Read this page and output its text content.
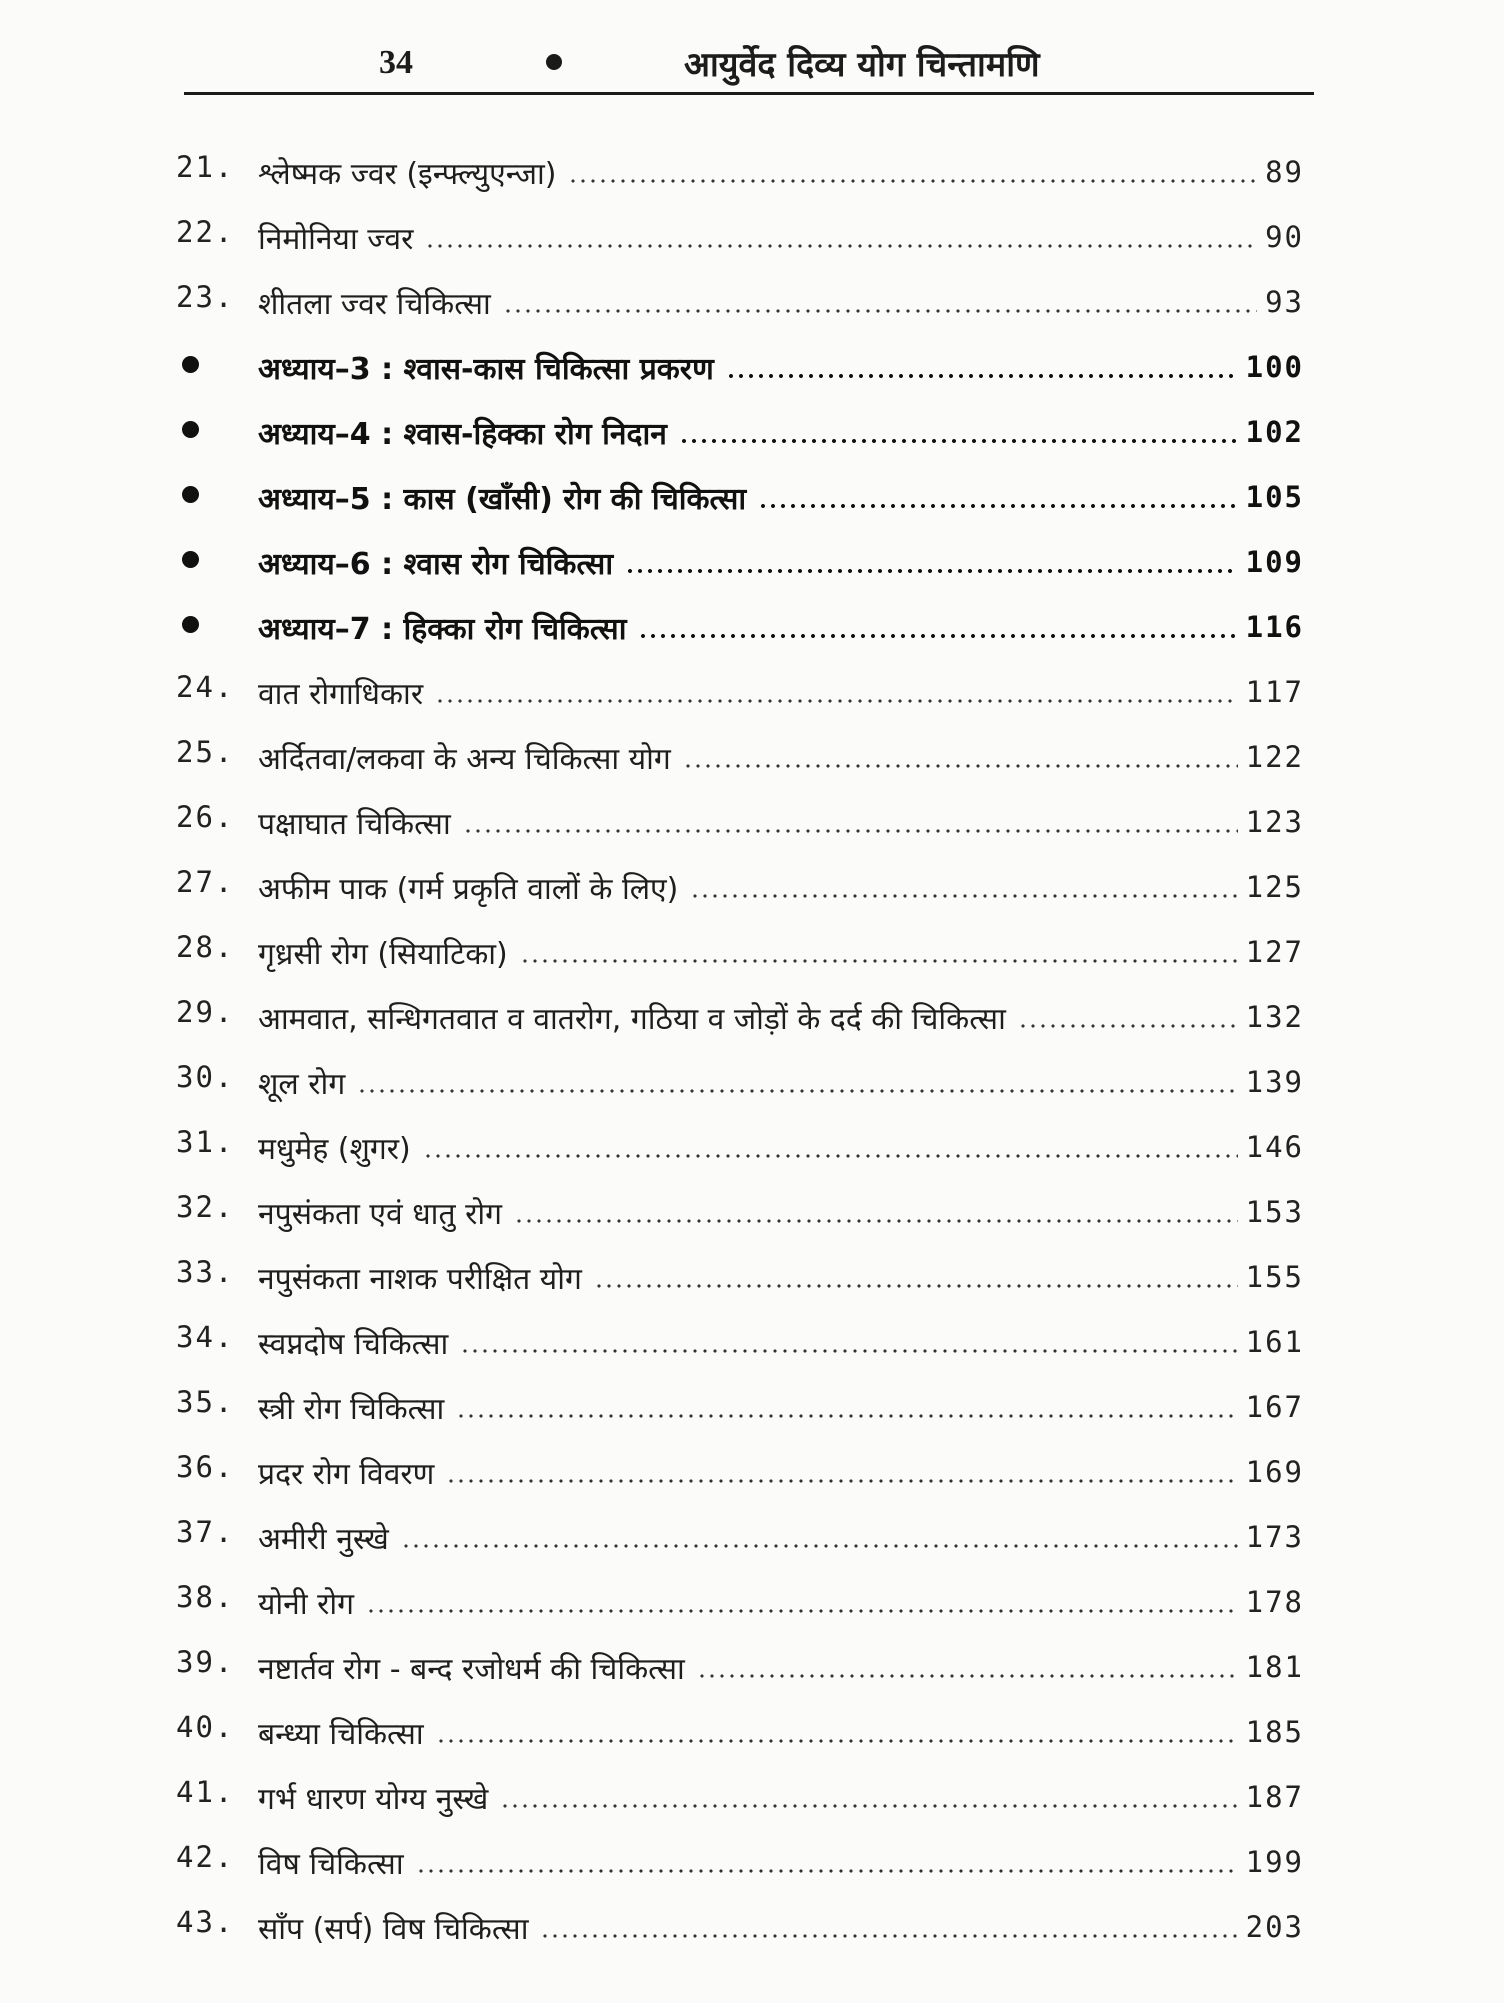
34	आयुर्वेद दिव्य योग चिन्तामणि
21. श्लेष्मक ज्वर (इन्फ्ल्युएन्जा)	89
22. निमोनिया ज्वर	90
23. शीतला ज्वर चिकित्सा	93
अध्याय–3 : श्वास-कास चिकित्सा प्रकरण	100
अध्याय–4 : श्वास-हिक्का रोग निदान	102
अध्याय–5 : कास (खाँसी) रोग की चिकित्सा	105
अध्याय–6 : श्वास रोग चिकित्सा	109
अध्याय–7 : हिक्का रोग चिकित्सा	116
24. वात रोगाधिकार	117
25. अर्दितवा/लकवा के अन्य चिकित्सा योग	122
26. पक्षाघात चिकित्सा	123
27. अफीम पाक (गर्म प्रकृति वालों के लिए)	125
28. गृध्रसी रोग (सियाटिका)	127
29. आमवात, सन्धिगतवात व वातरोग, गठिया व जोड़ों के दर्द की चिकित्सा	132
30. शूल रोग	139
31. मधुमेह (शुगर)	146
32. नपुसंकता एवं धातु रोग	153
33. नपुसंकता नाशक परीक्षित योग	155
34. स्वप्नदोष चिकित्सा	161
35. स्त्री रोग चिकित्सा	167
36. प्रदर रोग विवरण	169
37. अमीरी नुस्खे	173
38. योनी रोग	178
39. नष्टार्तव रोग - बन्द रजोधर्म की चिकित्सा	181
40. बन्ध्या चिकित्सा	185
41. गर्भ धारण योग्य नुस्खे	187
42. विष चिकित्सा	199
43. साँप (सर्प) विष चिकित्सा	203
